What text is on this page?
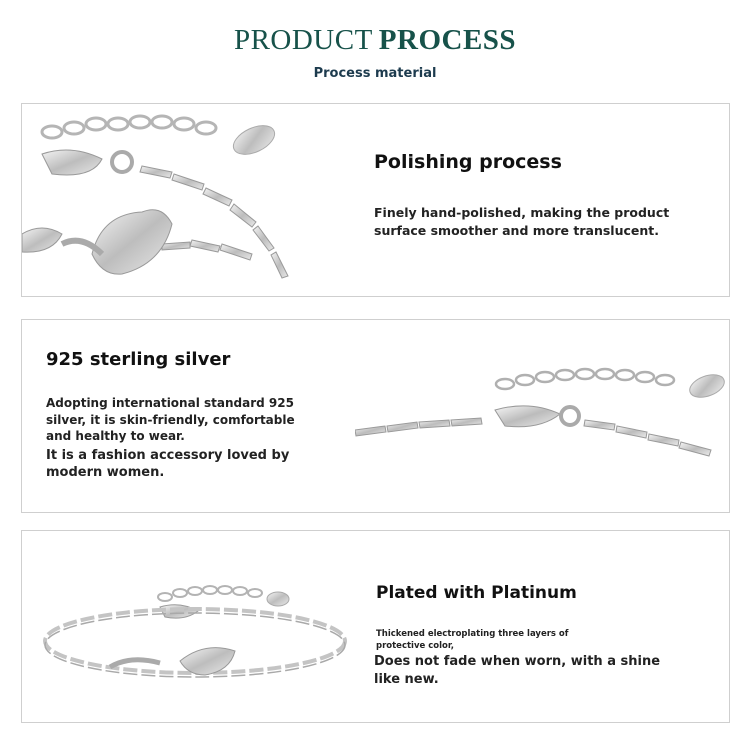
PRODUCT PROCESS
Process material
Polishing process
Finely hand-polished, making the product surface smoother and more translucent.
925 sterling silver
Adopting international standard 925 silver, it is skin-friendly, comfortable and healthy to wear.
It is a fashion accessory loved by modern women.
Plated with Platinum
Thickened electroplating three layers of protective color,
Does not fade when worn, with a shine like new.
